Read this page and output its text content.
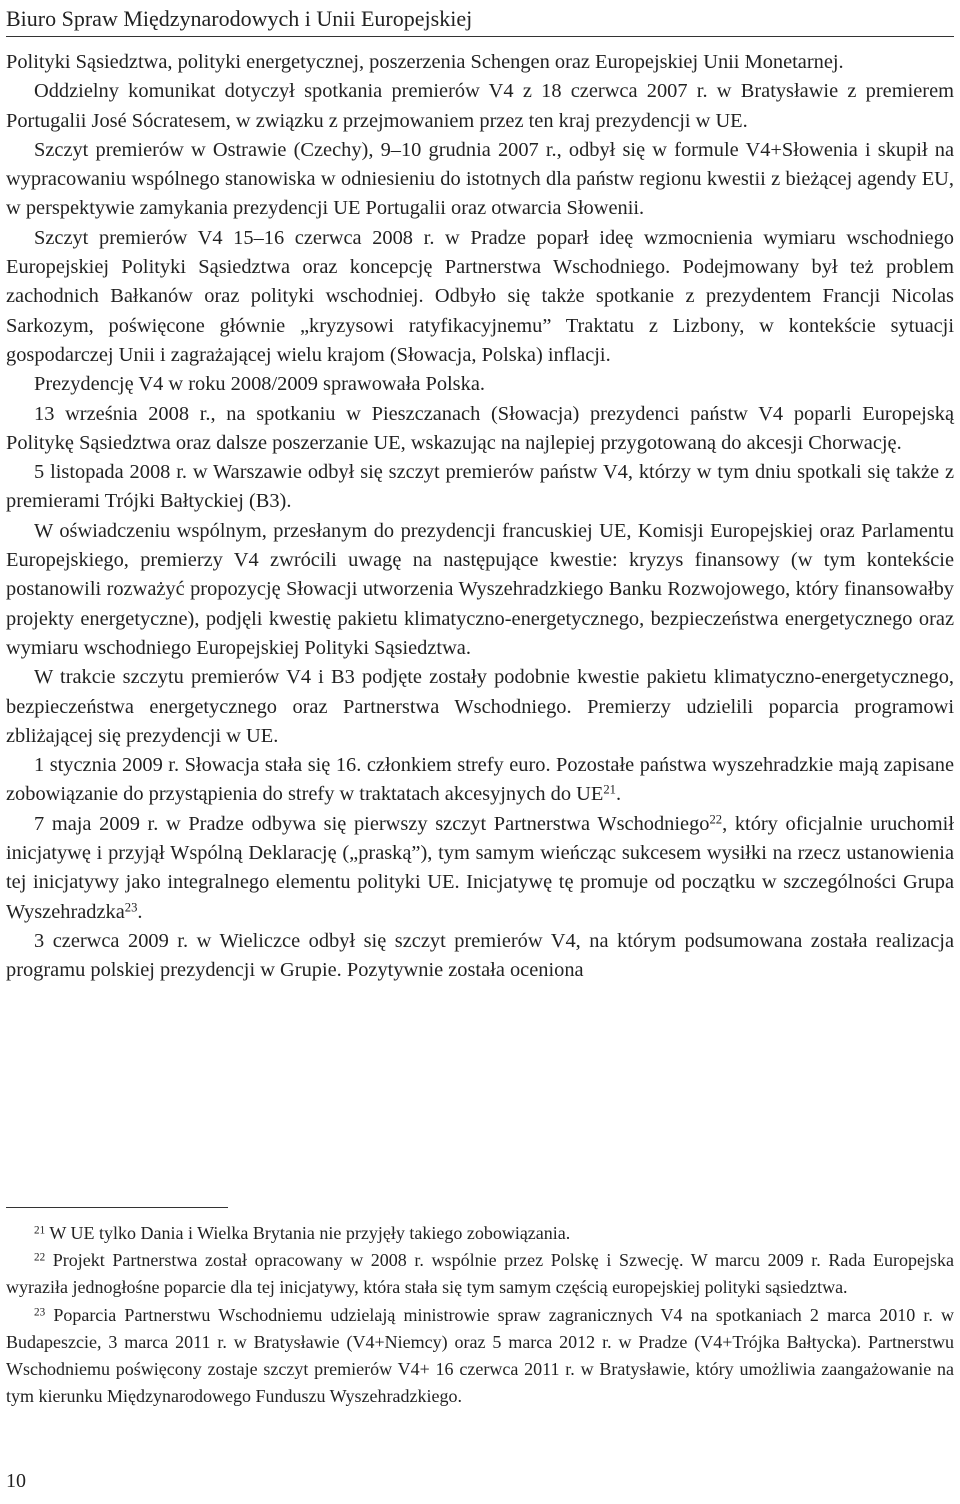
Biuro Spraw Międzynarodowych i Unii Europejskiej

Polityki Sąsiedztwa, polityki energetycznej, poszerzenia Schengen oraz Europejskiej Unii Monetarnej.

Oddzielny komunikat dotyczył spotkania premierów V4 z 18 czerwca 2007 r. w Bratysławie z premierem Portugalii José Sócratesem, w związku z przejmowaniem przez ten kraj prezydencji w UE.

Szczyt premierów w Ostrawie (Czechy), 9–10 grudnia 2007 r., odbył się w formule V4+Słowenia i skupił na wypracowaniu wspólnego stanowiska w odniesieniu do istotnych dla państw regionu kwestii z bieżącej agendy EU, w perspektywie zamykania prezydencji UE Portugalii oraz otwarcia Słowenii.

Szczyt premierów V4 15–16 czerwca 2008 r. w Pradze poparł ideę wzmocnienia wymiaru wschodniego Europejskiej Polityki Sąsiedztwa oraz koncepcję Partnerstwa Wschodniego. Podejmowany był też problem zachodnich Bałkanów oraz polityki wschodniej. Odbyło się także spotkanie z prezydentem Francji Nicolas Sarkozym, poświęcone głównie „kryzysowi ratyfikacyjnemu” Traktatu z Lizbony, w kontekście sytuacji gospodarczej Unii i zagrażającej wielu krajom (Słowacja, Polska) inflacji.

Prezydencję V4 w roku 2008/2009 sprawowała Polska.

13 września 2008 r., na spotkaniu w Pieszczanach (Słowacja) prezydenci państw V4 poparli Europejską Politykę Sąsiedztwa oraz dalsze poszerzanie UE, wskazując na najlepiej przygotowaną do akcesji Chorwację.

5 listopada 2008 r. w Warszawie odbył się szczyt premierów państw V4, którzy w tym dniu spotkali się także z premierami Trójki Bałtyckiej (B3).

W oświadczeniu wspólnym, przesłanym do prezydencji francuskiej UE, Komisji Europejskiej oraz Parlamentu Europejskiego, premierzy V4 zwrócili uwagę na następujące kwestie: kryzys finansowy (w tym kontekście postanowili rozważyć propozycję Słowacji utworzenia Wyszehradzkiego Banku Rozwojowego, który finansowałby projekty energetyczne), podjęli kwestię pakietu klimatyczno-energetycznego, bezpieczeństwa energetycznego oraz wymiaru wschodniego Europejskiej Polityki Sąsiedztwa.

W trakcie szczytu premierów V4 i B3 podjęte zostały podobnie kwestie pakietu klimatyczno-energetycznego, bezpieczeństwa energetycznego oraz Partnerstwa Wschodniego. Premierzy udzielili poparcia programowi zbliżającej się prezydencji w UE.

1 stycznia 2009 r. Słowacja stała się 16. członkiem strefy euro. Pozostałe państwa wyszehradzkie mają zapisane zobowiązanie do przystąpienia do strefy w traktatach akcesyjnych do UE$^{21}$.

7 maja 2009 r. w Pradze odbywa się pierwszy szczyt Partnerstwa Wschodniego$^{22}$, który oficjalnie uruchomił inicjatywę i przyjął Wspólną Deklarację („praską”), tym samym wieńcząc sukcesem wysiłki na rzecz ustanowienia tej inicjatywy jako integralnego elementu polityki UE. Inicjatywę tę promuje od początku w szczególności Grupa Wyszehradzka$^{23}$.

3 czerwca 2009 r. w Wieliczce odbył się szczyt premierów V4, na którym podsumowana została realizacja programu polskiej prezydencji w Grupie. Pozytywnie została oceniona

$^{21}$ W UE tylko Dania i Wielka Brytania nie przyjęły takiego zobowiązania.

$^{22}$ Projekt Partnerstwa został opracowany w 2008 r. wspólnie przez Polskę i Szwecję. W marcu 2009 r. Rada Europejska wyraziła jednogłośne poparcie dla tej inicjatywy, która stała się tym samym częścią europejskiej polityki sąsiedztwa.

$^{23}$ Poparcia Partnerstwu Wschodniemu udzielają ministrowie spraw zagranicznych V4 na spotkaniach 2 marca 2010 r. w Budapeszcie, 3 marca 2011 r. w Bratysławie (V4+Niemcy) oraz 5 marca 2012 r. w Pradze (V4+Trójka Bałtycka). Partnerstwu Wschodniemu poświęcony zostaje szczyt premierów V4+ 16 czerwca 2011 r. w Bratysławie, który umożliwia zaangażowanie na tym kierunku Międzynarodowego Funduszu Wyszehradzkiego.

10
